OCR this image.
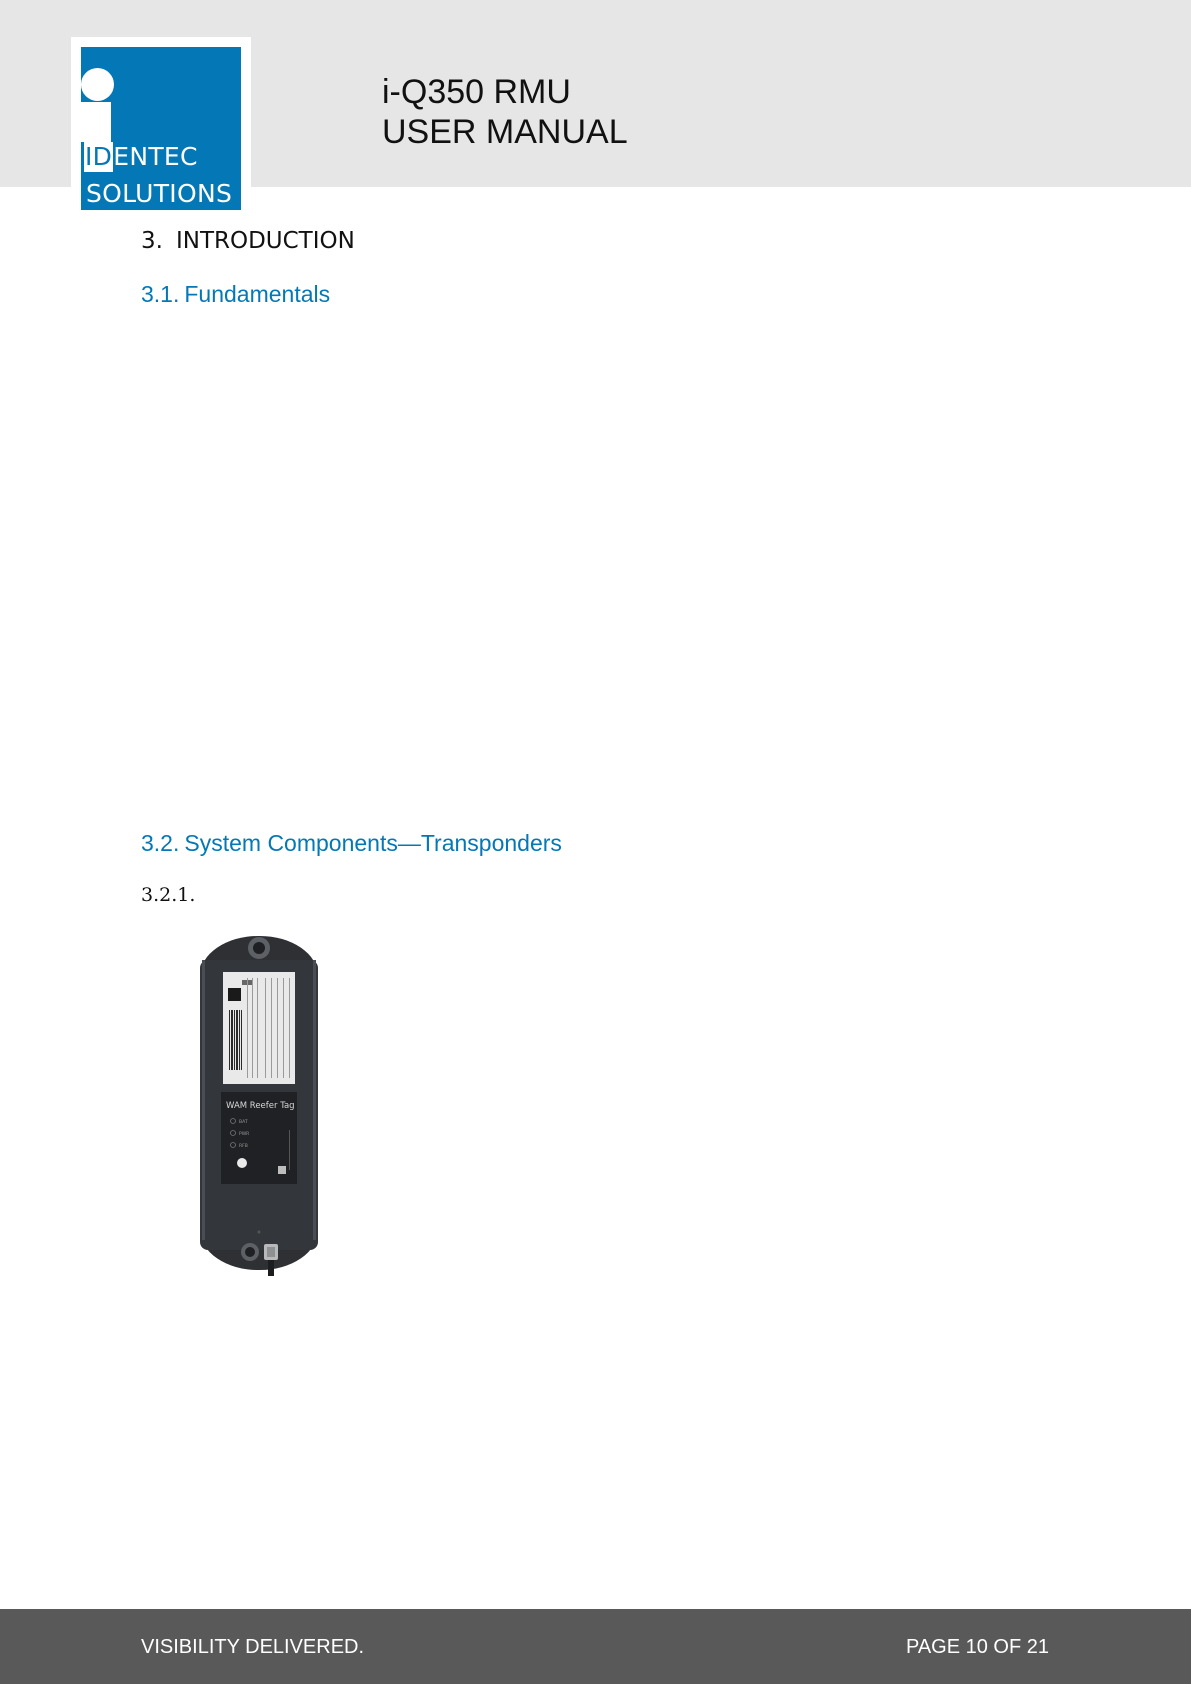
IDENTEC
SOLUTIONS
i-Q350 RMU
USER MANUAL
3. INTRODUCTION
3.1. Fundamentals
3.2. System Components—Transponders
3.2.1.
WAM Reefer Tag
BAT
PWR
RFB
VISIBILITY DELIVERED.	PAGE 10 OF 21
